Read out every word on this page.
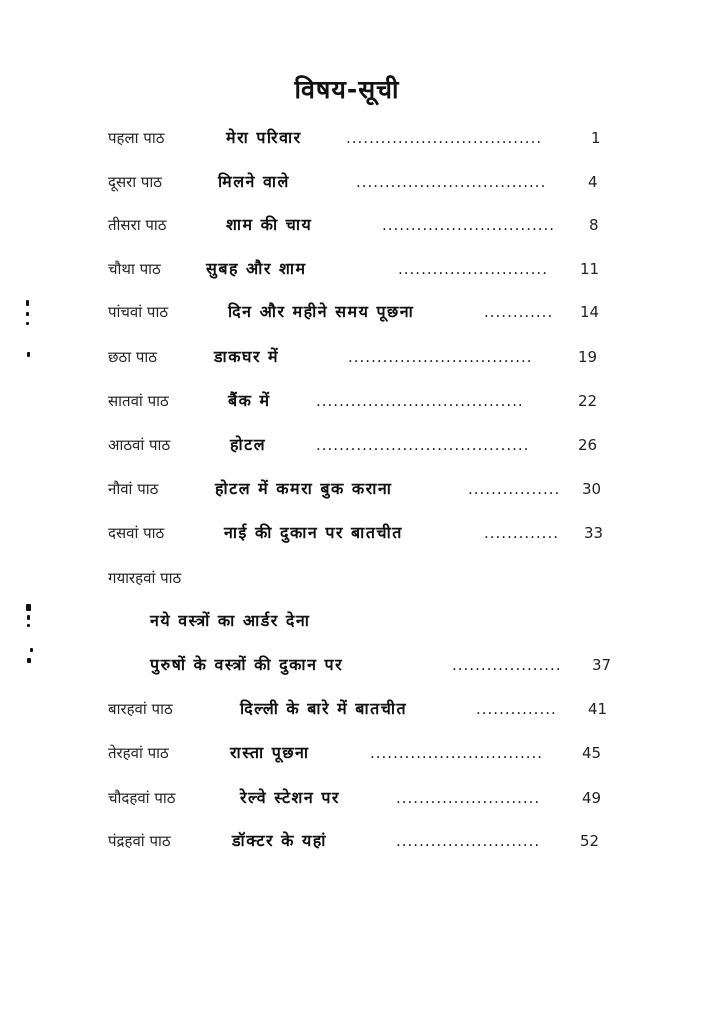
विषय-सूची
पहला पाठ	मेरा परिवार	..................................	1
दूसरा पाठ	मिलने वाले	.................................	4
तीसरा पाठ	शाम की चाय	.............................. 8
चौथा पाठ	सुबह और शाम	.......................... 11
पांचवां पाठ	दिन और महीने समय पूछना	............ 14
छठा पाठ	डाकघर में	................................	19
सातवां पाठ	बैंक में	....................................	22
आठवां पाठ	होटल	.....................................	26
नौवां पाठ	होटल में कमरा बुक कराना	................ 30
दसवां पाठ	नाई की दुकान पर बातचीत	............. 33
गयारहवां पाठ
नये वस्त्रों का आर्डर देना
पुरुषों के वस्त्रों की दुकान पर	................... 37
बारहवां पाठ	दिल्ली के बारे में बातचीत	.............. 41
तेरहवां पाठ	रास्ता पूछना	..............................	45
चौदहवां पाठ	रेल्वे स्टेशन पर	.........................	49
पंद्रहवां पाठ	डॉक्टर के यहां	.........................	52
